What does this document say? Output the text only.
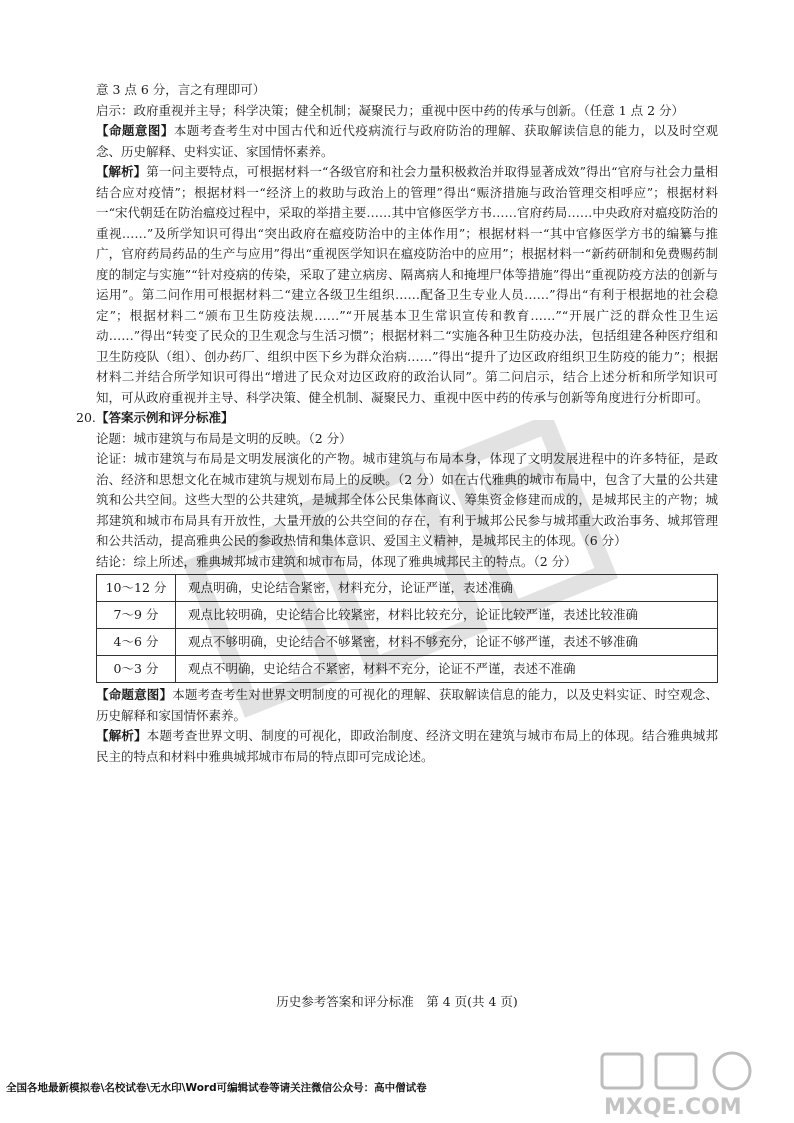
意 3 点 6 分，言之有理即可）

启示：政府重视并主导；科学决策；健全机制；凝聚民力；重视中医中药的传承与创新。（任意 1 点 2 分）

【命题意图】本题考查考生对中国古代和近代疫病流行与政府防治的理解、获取解读信息的能力，以及时空观念、历史解释、史料实证、家国情怀素养。

【解析】第一问主要特点，可根据材料一“各级官府和社会力量积极救治并取得显著成效”得出“官府与社会力量相结合应对疫情”；根据材料一“经济上的救助与政治上的管理”得出“赈济措施与政治管理交相呼应”；根据材料一“宋代朝廷在防治瘟疫过程中，采取的举措主要……其中官修医学方书……官府药局……中央政府对瘟疫防治的重视……”及所学知识可得出“突出政府在瘟疫防治中的主体作用”；根据材料一“其中官修医学方书的编纂与推广，官府药局药品的生产与应用”得出“重视医学知识在瘟疫防治中的应用”；根据材料一“新药研制和免费赐药制度的制定与实施”“针对疫病的传染，采取了建立病房、隔离病人和掩埋尸体等措施”得出“重视防疫方法的创新与运用”。第二问作用可根据材料二“建立各级卫生组织……配备卫生专业人员……”得出“有利于根据地的社会稳定”；根据材料二“颁布卫生防疫法规……”“开展基本卫生常识宣传和教育……”“开展广泛的群众性卫生运动……”得出“转变了民众的卫生观念与生活习惯”；根据材料二“实施各种卫生防疫办法，包括组建各种医疗组和卫生防疫队（组）、创办药厂、组织中医下乡为群众治病……”得出“提升了边区政府组织卫生防疫的能力”；根据材料二并结合所学知识可得出“增进了民众对边区政府的政治认同”。第二问启示，结合上述分析和所学知识可知，可从政府重视并主导、科学决策、健全机制、凝聚民力、重视中医中药的传承与创新等角度进行分析即可。

20. 【答案示例和评分标准】

论题：城市建筑与布局是文明的反映。（2 分）

论证：城市建筑与布局是文明发展演化的产物。城市建筑与布局本身，体现了文明发展进程中的许多特征，是政治、经济和思想文化在城市建筑与规划布局上的反映。（2 分）如在古代雅典的城市布局中，包含了大量的公共建筑和公共空间。这些大型的公共建筑，是城邦全体公民集体商议、筹集资金修建而成的，是城邦民主的产物；城邦建筑和城市布局具有开放性，大量开放的公共空间的存在，有利于城邦公民参与城邦重大政治事务、城邦管理和公共活动，提高雅典公民的参政热情和集体意识、爱国主义精神，是城邦民主的体现。（6 分）

结论：综上所述，雅典城邦城市建筑和城市布局，体现了雅典城邦民主的特点。（2 分）

10～12 分	观点明确，史论结合紧密，材料充分，论证严谨，表述准确
7～9 分	观点比较明确，史论结合比较紧密，材料比较充分，论证比较严谨，表述比较准确
4～6 分	观点不够明确，史论结合不够紧密，材料不够充分，论证不够严谨，表述不够准确
0～3 分	观点不明确，史论结合不紧密，材料不充分，论证不严谨，表述不准确

【命题意图】本题考查考生对世界文明制度的可视化的理解、获取解读信息的能力，以及史料实证、时空观念、历史解释和家国情怀素养。

【解析】本题考查世界文明、制度的可视化，即政治制度、经济文明在建筑与城市布局上的体现。结合雅典城邦民主的特点和材料中雅典城邦城市布局的特点即可完成论述。

历史参考答案和评分标准　第 4 页(共 4 页)
全国各地最新模拟卷\名校试卷\无水印\Word可编辑试卷等请关注微信公众号：高中僧试卷
MXQE.COM
